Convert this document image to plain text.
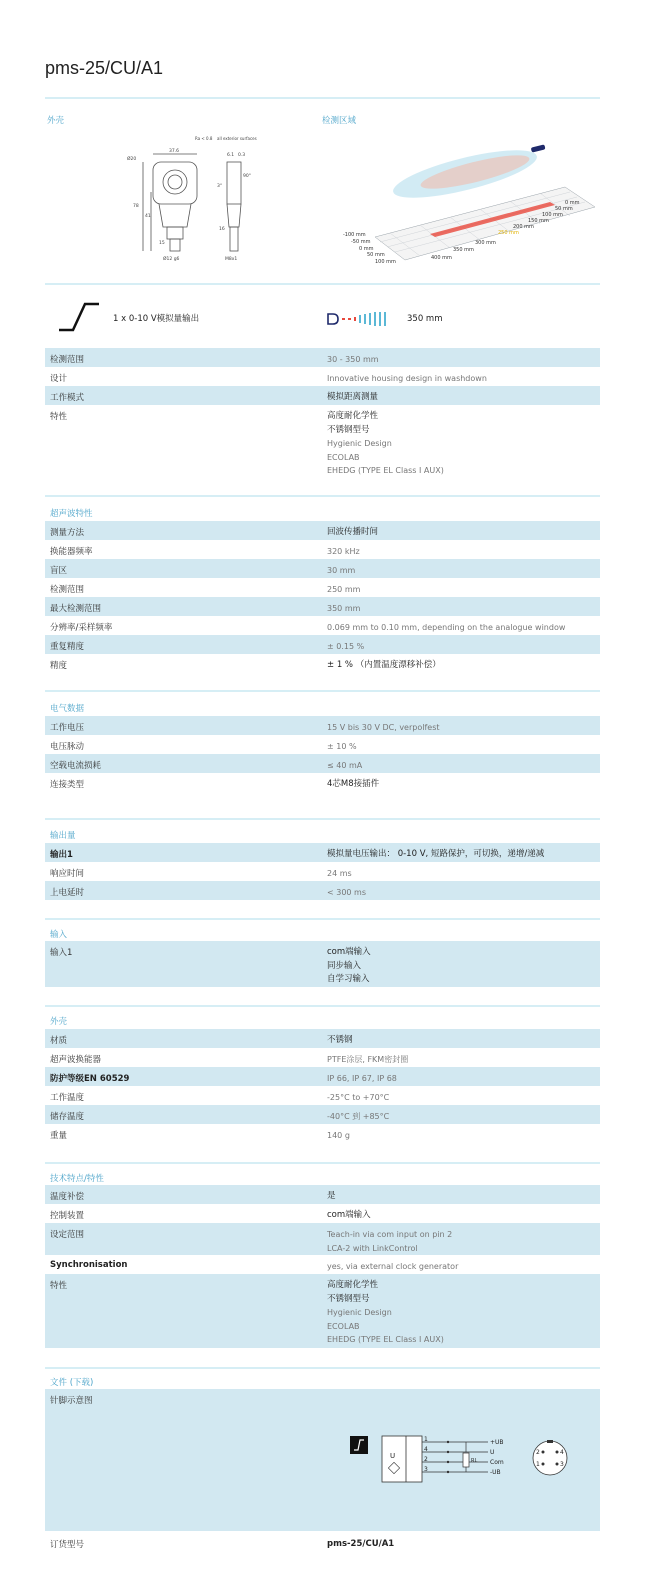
pms-25/CU/A1
外壳	检测区域
Ra < 0.8 all exterior surfaces
37.6
6.1 0.3
Ø20
90°
3°
78
41
16
15
Ø12 g6	M8x1
0 mm
50 mm
100 mm
150 mm
200 mm
250 mm
-100 mm
-50 mm
0 mm
50 mm
100 mm
350 mm
300 mm
400 mm
1 x 0-10 V模拟量输出	350 mm
检测范围	30 - 350 mm
设计	Innovative housing design in washdown
工作模式	模拟距离测量
特性	高度耐化学性
不锈钢型号
Hygienic Design
ECOLAB
EHEDG (TYPE EL Class I AUX)
超声波特性
测量方法	回波传播时间
换能器频率	320 kHz
盲区	30 mm
检测范围	250 mm
最大检测范围	350 mm
分辨率/采样频率	0.069 mm to 0.10 mm, depending on the analogue window
重复精度	± 0.15 %
精度	± 1 % （内置温度漂移补偿）
电气数据
工作电压	15 V bis 30 V DC, verpolfest
电压脉动	± 10 %
空载电流损耗	≤ 40 mA
连接类型	4芯M8接插件
输出量
输出1	模拟量电压输出： 0-10 V, 短路保护，可切换，递增/递减
响应时间	24 ms
上电延时	< 300 ms
输入
输入1	com端输入
同步输入
自学习输入
外壳
材质	不锈钢
超声波换能器	PTFE涂层, FKM密封圈
防护等级EN 60529	IP 66, IP 67, IP 68
工作温度	-25°C to +70°C
储存温度	-40°C 到 +85°C
重量	140 g
技术特点/特性
温度补偿	是
控制装置	com端输入
设定范围	Teach-in via com input on pin 2
LCA-2 with LinkControl
Synchronisation	yes, via external clock generator
特性	高度耐化学性
不锈钢型号
Hygienic Design
ECOLAB
EHEDG (TYPE EL Class I AUX)
文件 (下载)
针脚示意图
U
RL
1
4
2
3
+UB
U
Com
-UB
2	4
1	3
订货型号	pms-25/CU/A1
